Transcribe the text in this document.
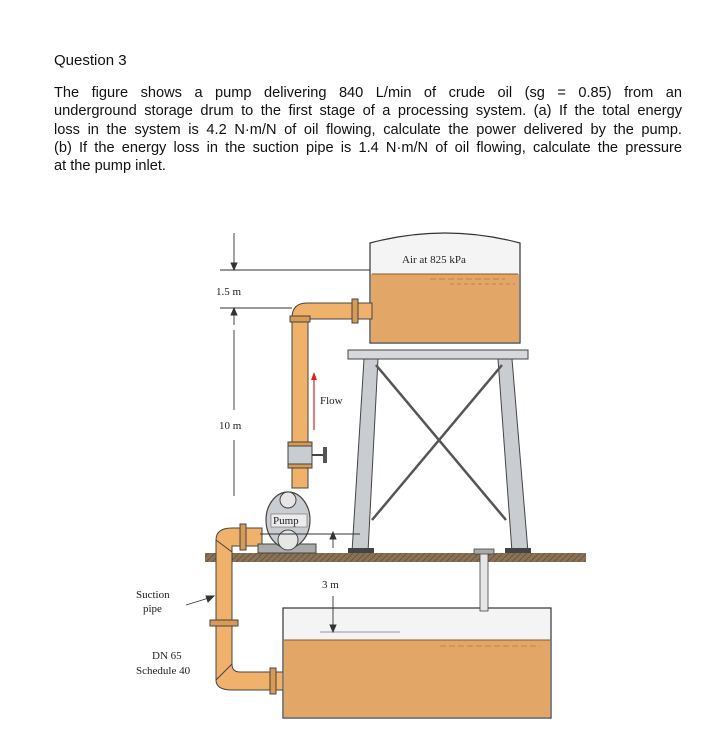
Question 3
The figure shows a pump delivering 840 L/min of crude oil (sg = 0.85) from an
underground storage drum to the first stage of a processing system. (a) If the total energy
loss in the system is 4.2 N·m/N of oil flowing, calculate the power delivered by the pump.
(b) If the energy loss in the suction pipe is 1.4 N·m/N of oil flowing, calculate the pressure
at the pump inlet.
Air at 825 kPa
Pump
Flow
1.5 m
10 m
3 m
Suction
pipe
DN 65
Schedule 40
